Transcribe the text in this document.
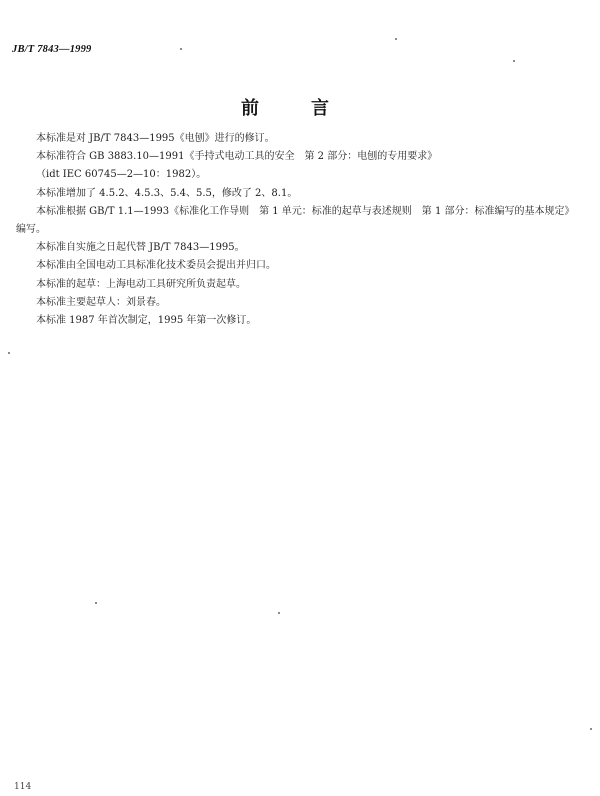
JB/T 7843—1999
前	言

本标准是对 JB/T 7843—1995《电刨》进行的修订。

本标准符合 GB 3883.10—1991《手持式电动工具的安全　第 2 部分：电刨的专用要求》

（idt IEC 60745—2—10：1982）。

本标准增加了 4.5.2、4.5.3、5.4、5.5，修改了 2、8.1。

本标准根据 GB/T 1.1—1993《标准化工作导则　第 1 单元：标准的起草与表述规则　第 1 部分：标准编写的基本规定》编写。

本标准自实施之日起代替 JB/T 7843—1995。

本标准由全国电动工具标准化技术委员会提出并归口。

本标准的起草：上海电动工具研究所负责起草。

本标准主要起草人：刘景春。

本标准 1987 年首次制定，1995 年第一次修订。

114
